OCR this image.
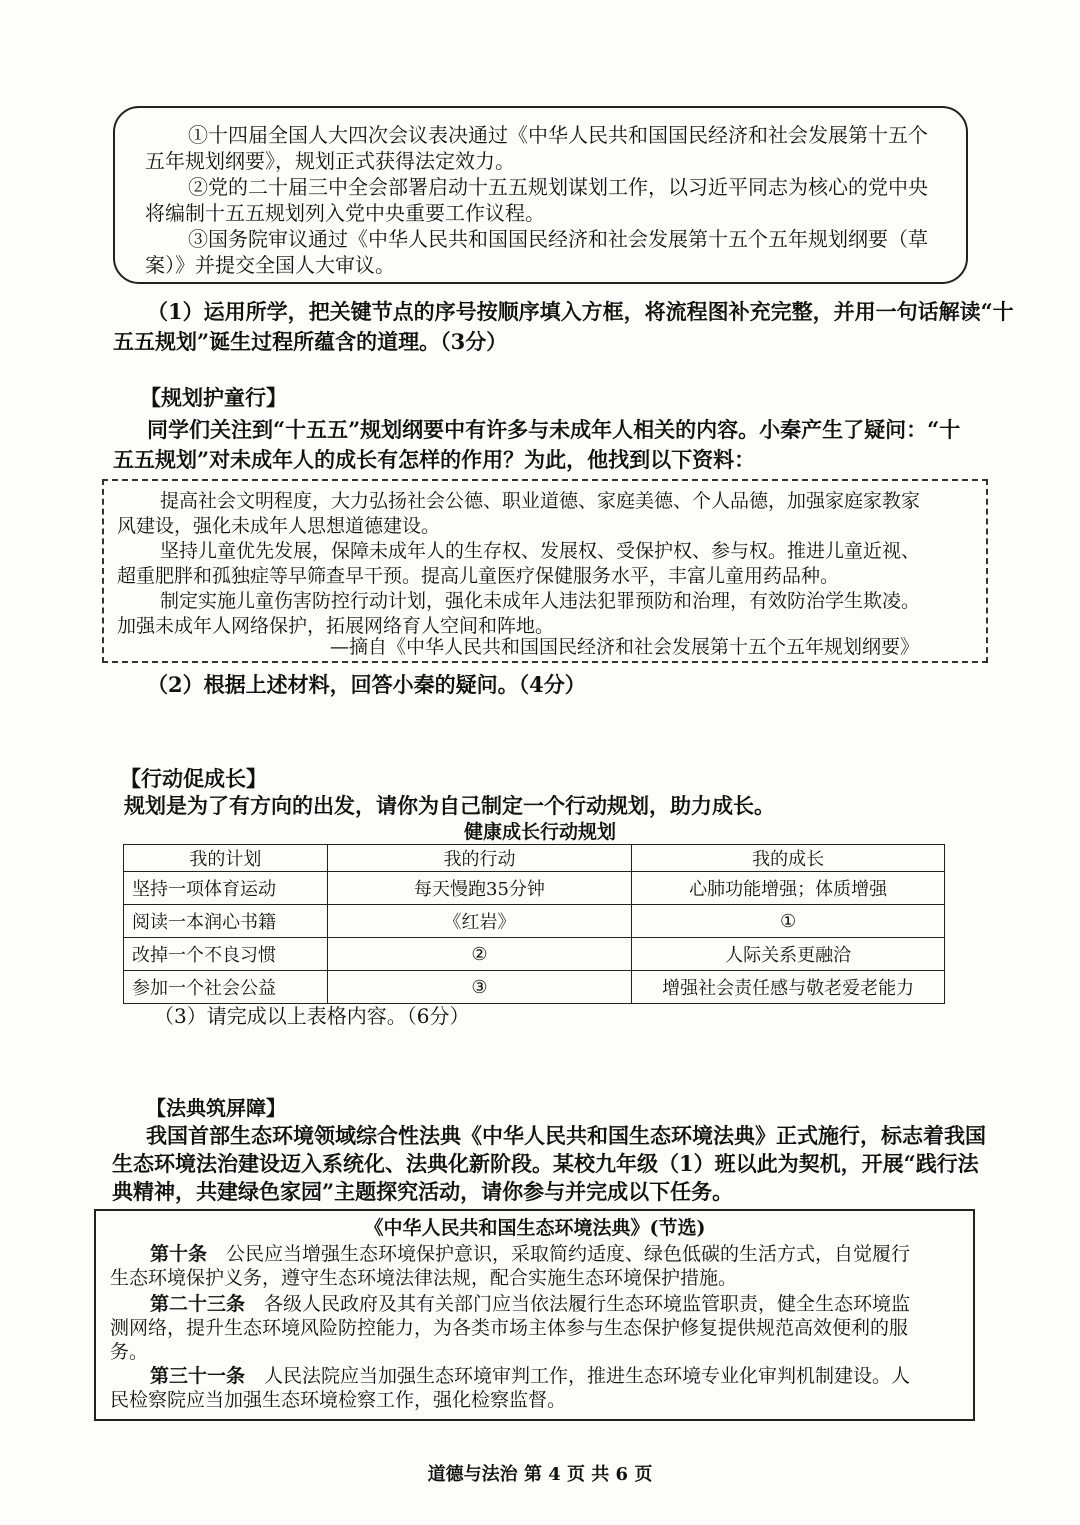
①十四届全国人大四次会议表决通过《中华人民共和国国民经济和社会发展第十五个
五年规划纲要》，规划正式获得法定效力。
②党的二十届三中全会部署启动十五五规划谋划工作，以习近平同志为核心的党中央
将编制十五五规划列入党中央重要工作议程。
③国务院审议通过《中华人民共和国国民经济和社会发展第十五个五年规划纲要（草
案）》并提交全国人大审议。
（1）运用所学，把关键节点的序号按顺序填入方框，将流程图补充完整，并用一句话解读“十
五五规划”诞生过程所蕴含的道理。（3分）
【规划护童行】
同学们关注到“十五五”规划纲要中有许多与未成年人相关的内容。小秦产生了疑问：“十
五五规划”对未成年人的成长有怎样的作用？为此，他找到以下资料：
提高社会文明程度，大力弘扬社会公德、职业道德、家庭美德、个人品德，加强家庭家教家
风建设，强化未成年人思想道德建设。
坚持儿童优先发展，保障未成年人的生存权、发展权、受保护权、参与权。推进儿童近视、
超重肥胖和孤独症等早筛查早干预。提高儿童医疗保健服务水平，丰富儿童用药品种。
制定实施儿童伤害防控行动计划，强化未成年人违法犯罪预防和治理，有效防治学生欺凌。
加强未成年人网络保护，拓展网络育人空间和阵地。
—摘自《中华人民共和国国民经济和社会发展第十五个五年规划纲要》
（2）根据上述材料，回答小秦的疑问。（4分）
【行动促成长】
规划是为了有方向的出发，请你为自己制定一个行动规划，助力成长。
健康成长行动规划
我的计划	我的行动	我的成长
坚持一项体育运动	每天慢跑35分钟	心肺功能增强；体质增强
阅读一本润心书籍	《红岩》	①
改掉一个不良习惯	②	人际关系更融洽
参加一个社会公益	③	增强社会责任感与敬老爱老能力
（3）请完成以上表格内容。（6分）
【法典筑屏障】
我国首部生态环境领域综合性法典《中华人民共和国生态环境法典》正式施行，标志着我国
生态环境法治建设迈入系统化、法典化新阶段。某校九年级（1）班以此为契机，开展“践行法
典精神，共建绿色家园”主题探究活动，请你参与并完成以下任务。
《中华人民共和国生态环境法典》(节选)
第十条　公民应当增强生态环境保护意识，采取简约适度、绿色低碳的生活方式，自觉履行
生态环境保护义务，遵守生态环境法律法规，配合实施生态环境保护措施。
第二十三条　各级人民政府及其有关部门应当依法履行生态环境监管职责，健全生态环境监
测网络，提升生态环境风险防控能力，为各类市场主体参与生态保护修复提供规范高效便利的服
务。
第三十一条　人民法院应当加强生态环境审判工作，推进生态环境专业化审判机制建设。人
民检察院应当加强生态环境检察工作，强化检察监督。
道德与法治 第 4 页 共 6 页
